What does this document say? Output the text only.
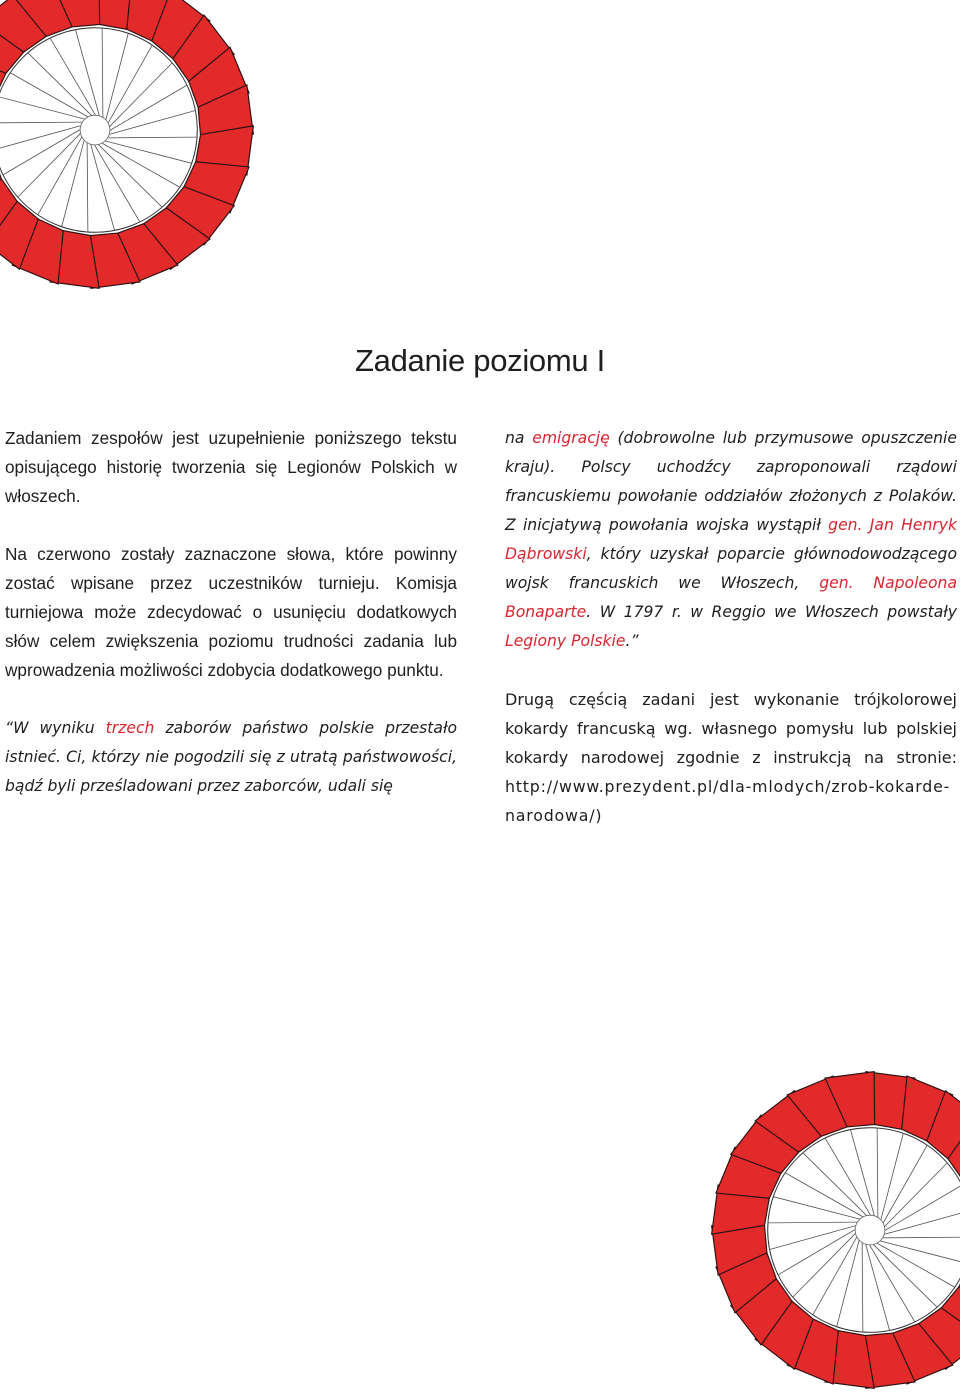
Zadanie poziomu I

Zadaniem zespołów jest uzupełnienie poniższego tekstu opisującego historię tworzenia się Legionów Polskich w włoszech.

Na czerwono zostały zaznaczone słowa, które powinny zostać wpisane przez uczestników turnieju. Komisja turniejowa może zdecydować o usunięciu dodatkowych słów celem zwiększenia poziomu trudności zadania lub wprowadzenia możliwości zdobycia dodatkowego punktu.

“W wyniku trzech zaborów państwo polskie przestało istnieć. Ci, którzy nie pogodzili się z utratą państwowości, bądź byli prześladowani przez zaborców, udali się

na emigrację (dobrowolne lub przymusowe opuszczenie kraju). Polscy uchodźcy zaproponowali rządowi francuskiemu powołanie oddziałów złożonych z Polaków. Z inicjatywą powołania wojska wystąpił gen. Jan Henryk Dąbrowski, który uzyskał poparcie głównodowodzącego wojsk francuskich we Włoszech, gen. Napoleona Bonaparte. W 1797 r. w Reggio we Włoszech powstały Legiony Polskie.”

Drugą częścią zadani jest wykonanie trójkolorowej kokardy francuską wg. własnego pomysłu lub polskiej kokardy narodowej zgodnie z instrukcją na stronie: http://www.prezydent.pl/dla-mlodych/zrob-kokarde-narodowa/)
